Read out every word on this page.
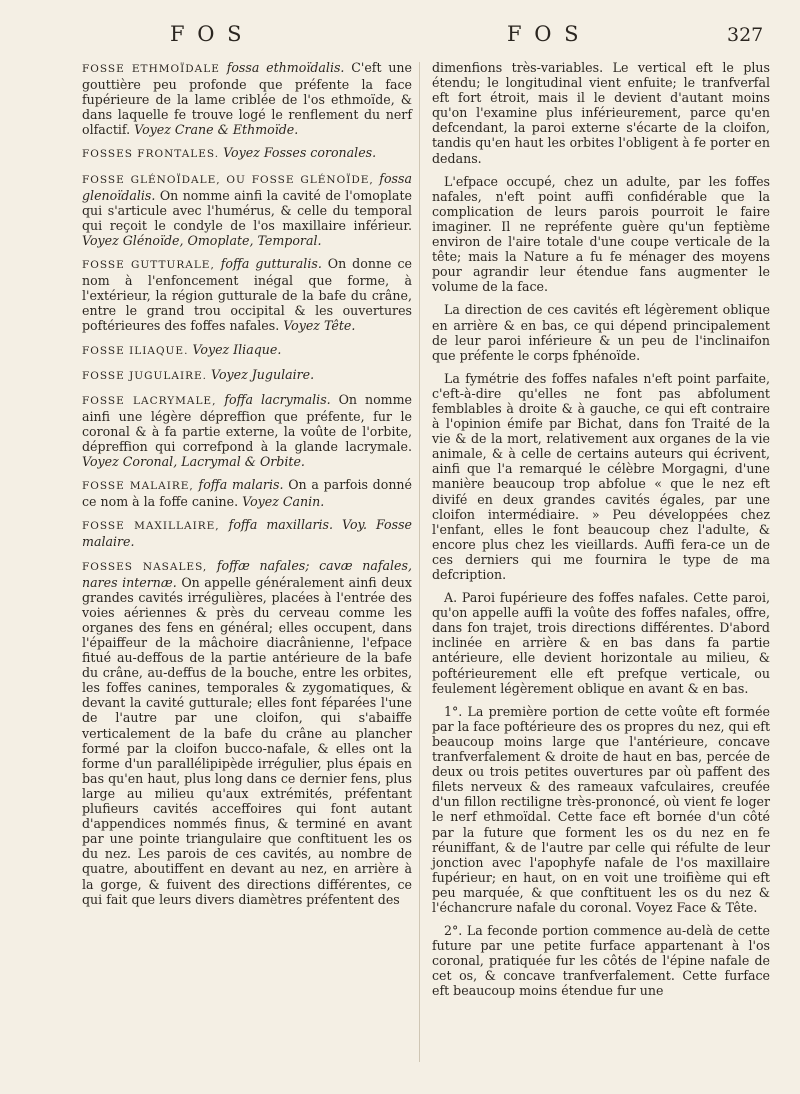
F O S	F O S	327

FOSSE ETHMOÏDALE fossa ethmoïdalis. C'eft une gouttière peu profonde que préfente la face fupérieure de la lame criblée de l'os ethmoïde, & dans laquelle fe trouve logé le renflement du nerf olfactif. Voyez Crane & Ethmoïde.

FOSSES FRONTALES. Voyez Fosses coronales.

FOSSE GLÉNOÏDALE, OU FOSSE GLÉNOÏDE, fossa glenoïdalis. On nomme ainfi la cavité de l'omoplate qui s'articule avec l'humérus, & celle du temporal qui reçoit le condyle de l'os maxillaire inférieur. Voyez Glénoïde, Omoplate, Temporal.

FOSSE GUTTURALE, foffa gutturalis. On donne ce nom à l'enfoncement inégal que forme, à l'extérieur, la région gutturale de la bafe du crâne, entre le grand trou occipital & les ouvertures poftérieures des foffes nafales. Voyez Tête.

FOSSE ILIAQUE. Voyez Iliaque.

FOSSE JUGULAIRE. Voyez Jugulaire.

FOSSE LACRYMALE, foffa lacrymalis. On nomme ainfi une légère dépreffion que préfente, fur le coronal & à fa partie externe, la voûte de l'orbite, dépreffion qui correfpond à la glande lacrymale. Voyez Coronal, Lacrymal & Orbite.

FOSSE MALAIRE, foffa malaris. On a parfois donné ce nom à la foffe canine. Voyez Canin.

FOSSE MAXILLAIRE, foffa maxillaris. Voy. Fosse malaire.

FOSSES NASALES, foffæ nafales; cavæ nafales, nares internæ. On appelle généralement ainfi deux grandes cavités irrégulières, placées à l'entrée des voies aériennes & près du cerveau comme les organes des fens en général; elles occupent, dans l'épaiffeur de la mâchoire diacrânienne, l'efpace fitué au-deffous de la partie antérieure de la bafe du crâne, au-deffus de la bouche, entre les orbites, les foffes canines, temporales & zygomatiques, & devant la cavité gutturale; elles font féparées l'une de l'autre par une cloifon, qui s'abaiffe verticalement de la bafe du crâne au plancher formé par la cloifon bucco-nafale, & elles ont la forme d'un parallélipipède irrégulier, plus épais en bas qu'en haut, plus long dans ce dernier fens, plus large au milieu qu'aux extrémités, préfentant plufieurs cavités acceffoires qui font autant d'appendices nommés finus, & terminé en avant par une pointe triangulaire que conftituent les os du nez. Les parois de ces cavités, au nombre de quatre, aboutiffent en devant au nez, en arrière à la gorge, & fuivent des directions différentes, ce qui fait que leurs divers diamètres préfentent des

dimenfions très-variables. Le vertical eft le plus étendu; le longitudinal vient enfuite; le tranfverfal eft fort étroit, mais il le devient d'autant moins qu'on l'examine plus inférieurement, parce qu'en defcendant, la paroi externe s'écarte de la cloifon, tandis qu'en haut les orbites l'obligent à fe porter en dedans.

L'efpace occupé, chez un adulte, par les foffes nafales, n'eft point auffi confidérable que la complication de leurs parois pourroit le faire imaginer. Il ne repréfente guère qu'un feptième environ de l'aire totale d'une coupe verticale de la tête; mais la Nature a fu fe ménager des moyens pour agrandir leur étendue fans augmenter le volume de la face.

La direction de ces cavités eft légèrement oblique en arrière & en bas, ce qui dépend principalement de leur paroi inférieure & un peu de l'inclinaifon que préfente le corps fphénoïde.

La fymétrie des foffes nafales n'eft point parfaite, c'eft-à-dire qu'elles ne font pas abfolument femblables à droite & à gauche, ce qui eft contraire à l'opinion émife par Bichat, dans fon Traité de la vie & de la mort, relativement aux organes de la vie animale, & à celle de certains auteurs qui écrivent, ainfi que l'a remarqué le célèbre Morgagni, d'une manière beaucoup trop abfolue « que le nez eft divifé en deux grandes cavités égales, par une cloifon intermédiaire. » Peu développées chez l'enfant, elles le font beaucoup chez l'adulte, & encore plus chez les vieillards. Auffi fera-ce un de ces derniers qui me fournira le type de ma defcription.

A. Paroi fupérieure des foffes nafales. Cette paroi, qu'on appelle auffi la voûte des foffes nafales, offre, dans fon trajet, trois directions différentes. D'abord inclinée en arrière & en bas dans fa partie antérieure, elle devient horizontale au milieu, & poftérieurement elle eft prefque verticale, ou feulement légèrement oblique en avant & en bas.

1°. La première portion de cette voûte eft formée par la face poftérieure des os propres du nez, qui eft beaucoup moins large que l'antérieure, concave tranfverfalement & droite de haut en bas, percée de deux ou trois petites ouvertures par où paffent des filets nerveux & des rameaux vafculaires, creufée d'un fillon rectiligne très-prononcé, où vient fe loger le nerf ethmoïdal. Cette face eft bornée d'un côté par la future que forment les os du nez en fe réuniffant, & de l'autre par celle qui réfulte de leur jonction avec l'apophyfe nafale de l'os maxillaire fupérieur; en haut, on en voit une troifième qui eft peu marquée, & que conftituent les os du nez & l'échancrure nafale du coronal. Voyez Face & Tête.

2°. La feconde portion commence au-delà de cette future par une petite furface appartenant à l'os coronal, pratiquée fur les côtés de l'épine nafale de cet os, & concave tranfverfalement. Cette furface eft beaucoup moins étendue fur une
